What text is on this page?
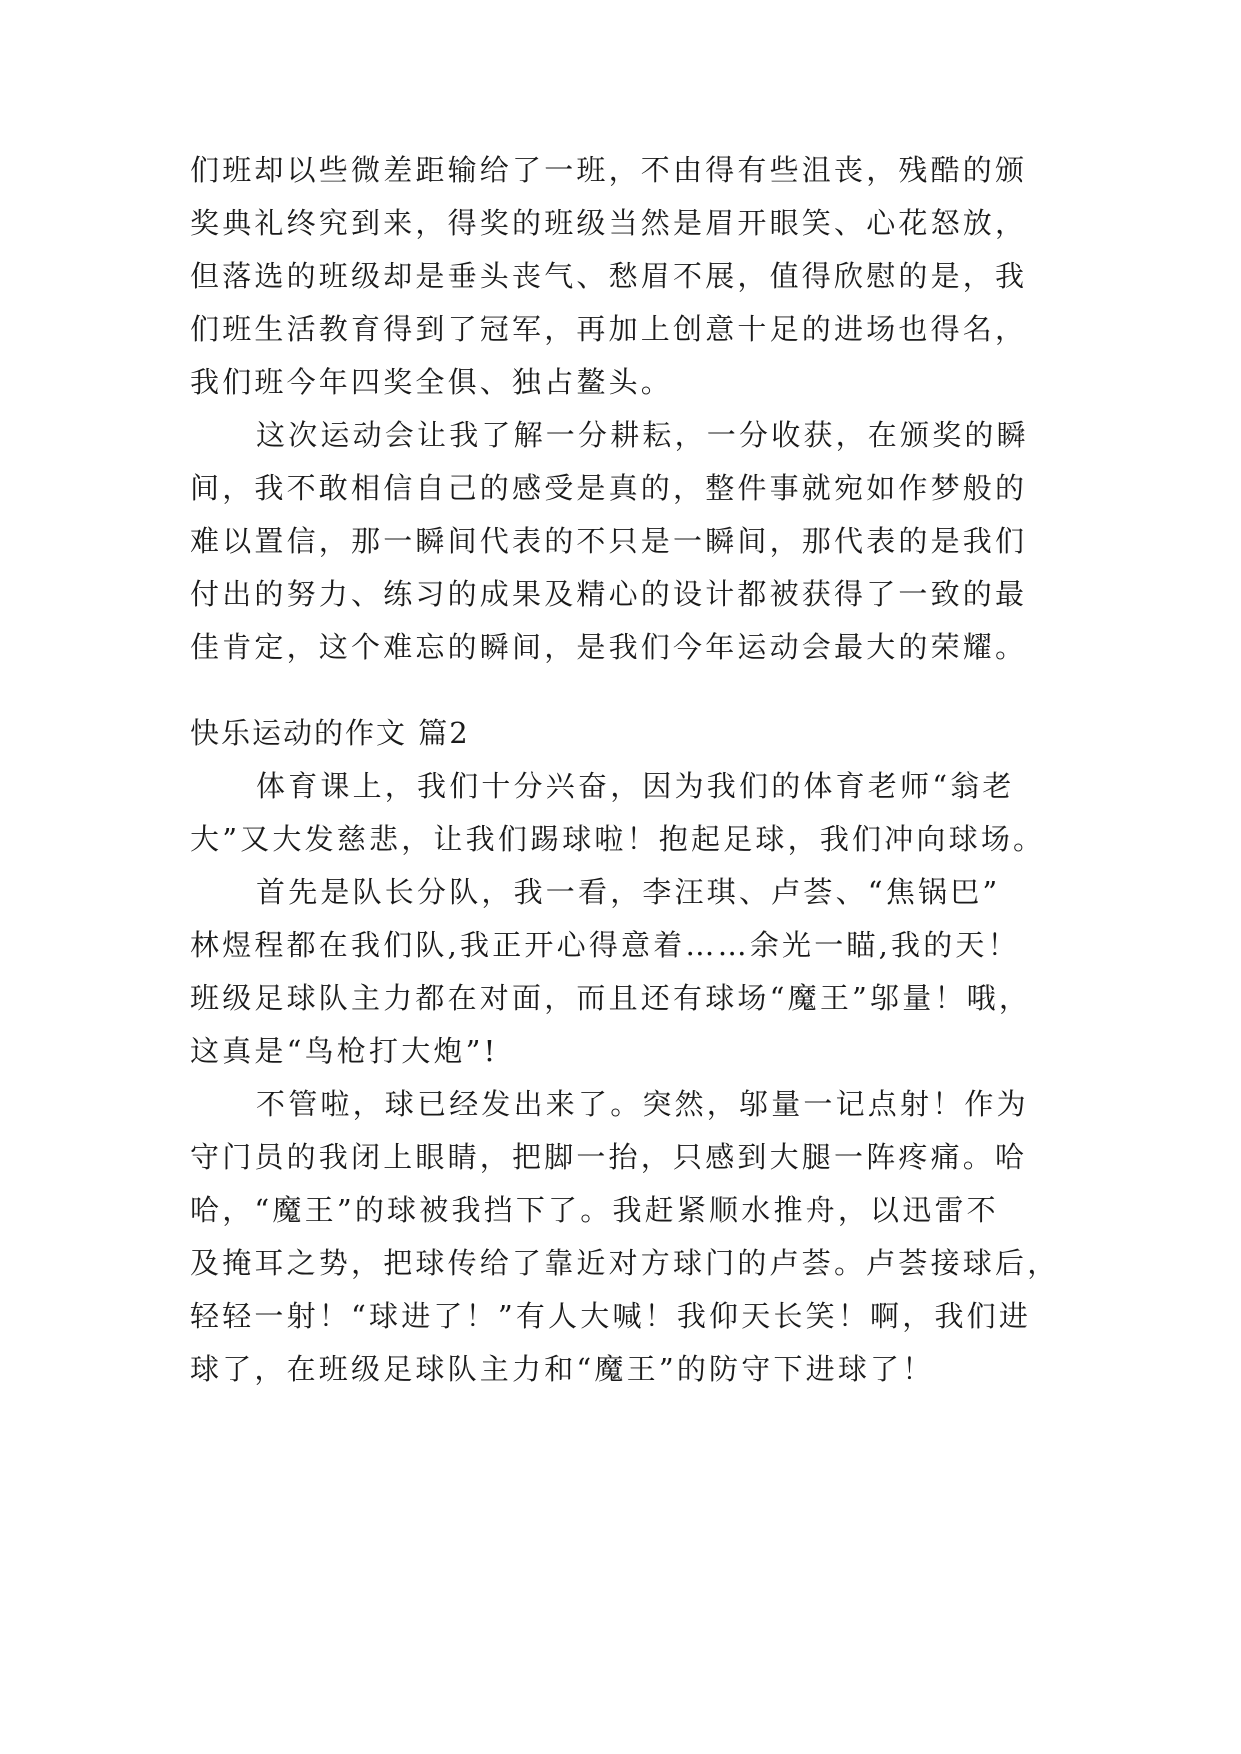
们班却以些微差距输给了一班，不由得有些沮丧，残酷的颁
奖典礼终究到来，得奖的班级当然是眉开眼笑、心花怒放，
但落选的班级却是垂头丧气、愁眉不展，值得欣慰的是，我
们班生活教育得到了冠军，再加上创意十足的进场也得名，
我们班今年四奖全俱、独占鳌头。
这次运动会让我了解一分耕耘，一分收获，在颁奖的瞬
间，我不敢相信自己的感受是真的，整件事就宛如作梦般的
难以置信，那一瞬间代表的不只是一瞬间，那代表的是我们
付出的努力、练习的成果及精心的设计都被获得了一致的最
佳肯定，这个难忘的瞬间，是我们今年运动会最大的荣耀。
快乐运动的作文 篇2
体育课上，我们十分兴奋，因为我们的体育老师“翁老
大”又大发慈悲，让我们踢球啦！抱起足球，我们冲向球场。
首先是队长分队，我一看，李汪琪、卢荟、“焦锅巴”
林煜程都在我们队,我正开心得意着……余光一瞄,我的天！
班级足球队主力都在对面，而且还有球场“魔王”邬量！哦，
这真是“鸟枪打大炮”!
不管啦，球已经发出来了。突然，邬量一记点射！作为
守门员的我闭上眼睛，把脚一抬，只感到大腿一阵疼痛。哈
哈，“魔王”的球被我挡下了。我赶紧顺水推舟，以迅雷不
及掩耳之势，把球传给了靠近对方球门的卢荟。卢荟接球后，
轻轻一射！“球进了！”有人大喊！我仰天长笑！啊，我们进
球了，在班级足球队主力和“魔王”的防守下进球了！
